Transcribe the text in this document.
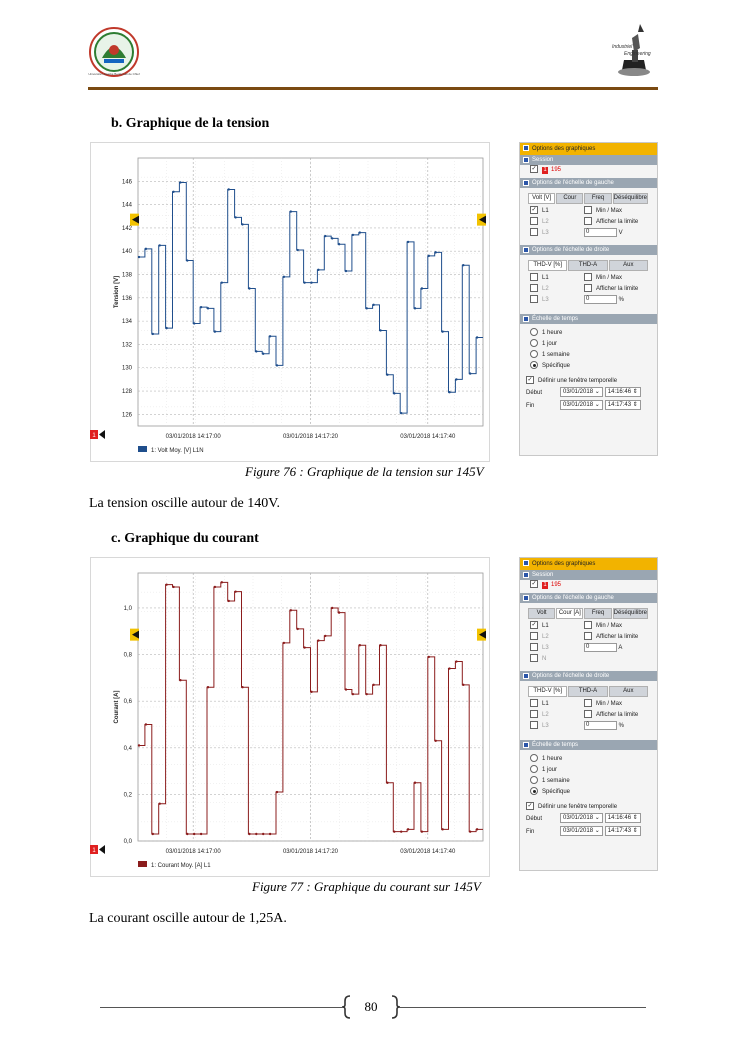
Université Hassiba Benbouali de Chlef
Industriel
Engineering
b. Graphique de la tension
146
144
142
140
138
136
134
132
130
128
126
03/01/2018 14:17:00	03/01/2018 14:17:20	03/01/2018 14:17:40
Tension [V]
1
1: Volt Moy. [V] L1N
Options des graphiques
Session
✓ 1 195
Options de l'échelle de gauche
Volt [V]	Cour	Freq	Déséquilibre
✓ L1	Min / Max
L2	Afficher la limite
L3	0	V
Options de l'échelle de droite
THD-V [%]	THD-A	Aux
L1	Min / Max
L2	Afficher la limite
L3	0	%
Échelle de temps
1 heure
1 jour
1 semaine
Spécifique
✓ Définir une fenêtre temporelle
Début	03/01/2018 ⌄ 14:16:46 ⇕
Fin	03/01/2018 ⌄ 14:17:43 ⇕
Figure 76 : Graphique de la tension sur 145V
La tension oscille autour de 140V.
c. Graphique du courant
1,0
0,8
0,6
0,4
0,2
0,0
03/01/2018 14:17:00	03/01/2018 14:17:20	03/01/2018 14:17:40
Courant [A]
1
1: Courant Moy. [A] L1
Options des graphiques
Session
✓ 1 195
Options de l'échelle de gauche
Volt	Cour [A]	Freq	Déséquilibre
✓ L1	Min / Max
L2	Afficher la limite
L3	0	A
N
Options de l'échelle de droite
THD-V [%]	THD-A	Aux
L1	Min / Max
L2	Afficher la limite
L3	0	%
Échelle de temps
1 heure
1 jour
1 semaine
Spécifique
✓ Définir une fenêtre temporelle
Début	03/01/2018 ⌄ 14:16:46 ⇕
Fin	03/01/2018 ⌄ 14:17:43 ⇕
Figure 77 : Graphique du courant sur 145V
La courant oscille autour de 1,25A.
80
